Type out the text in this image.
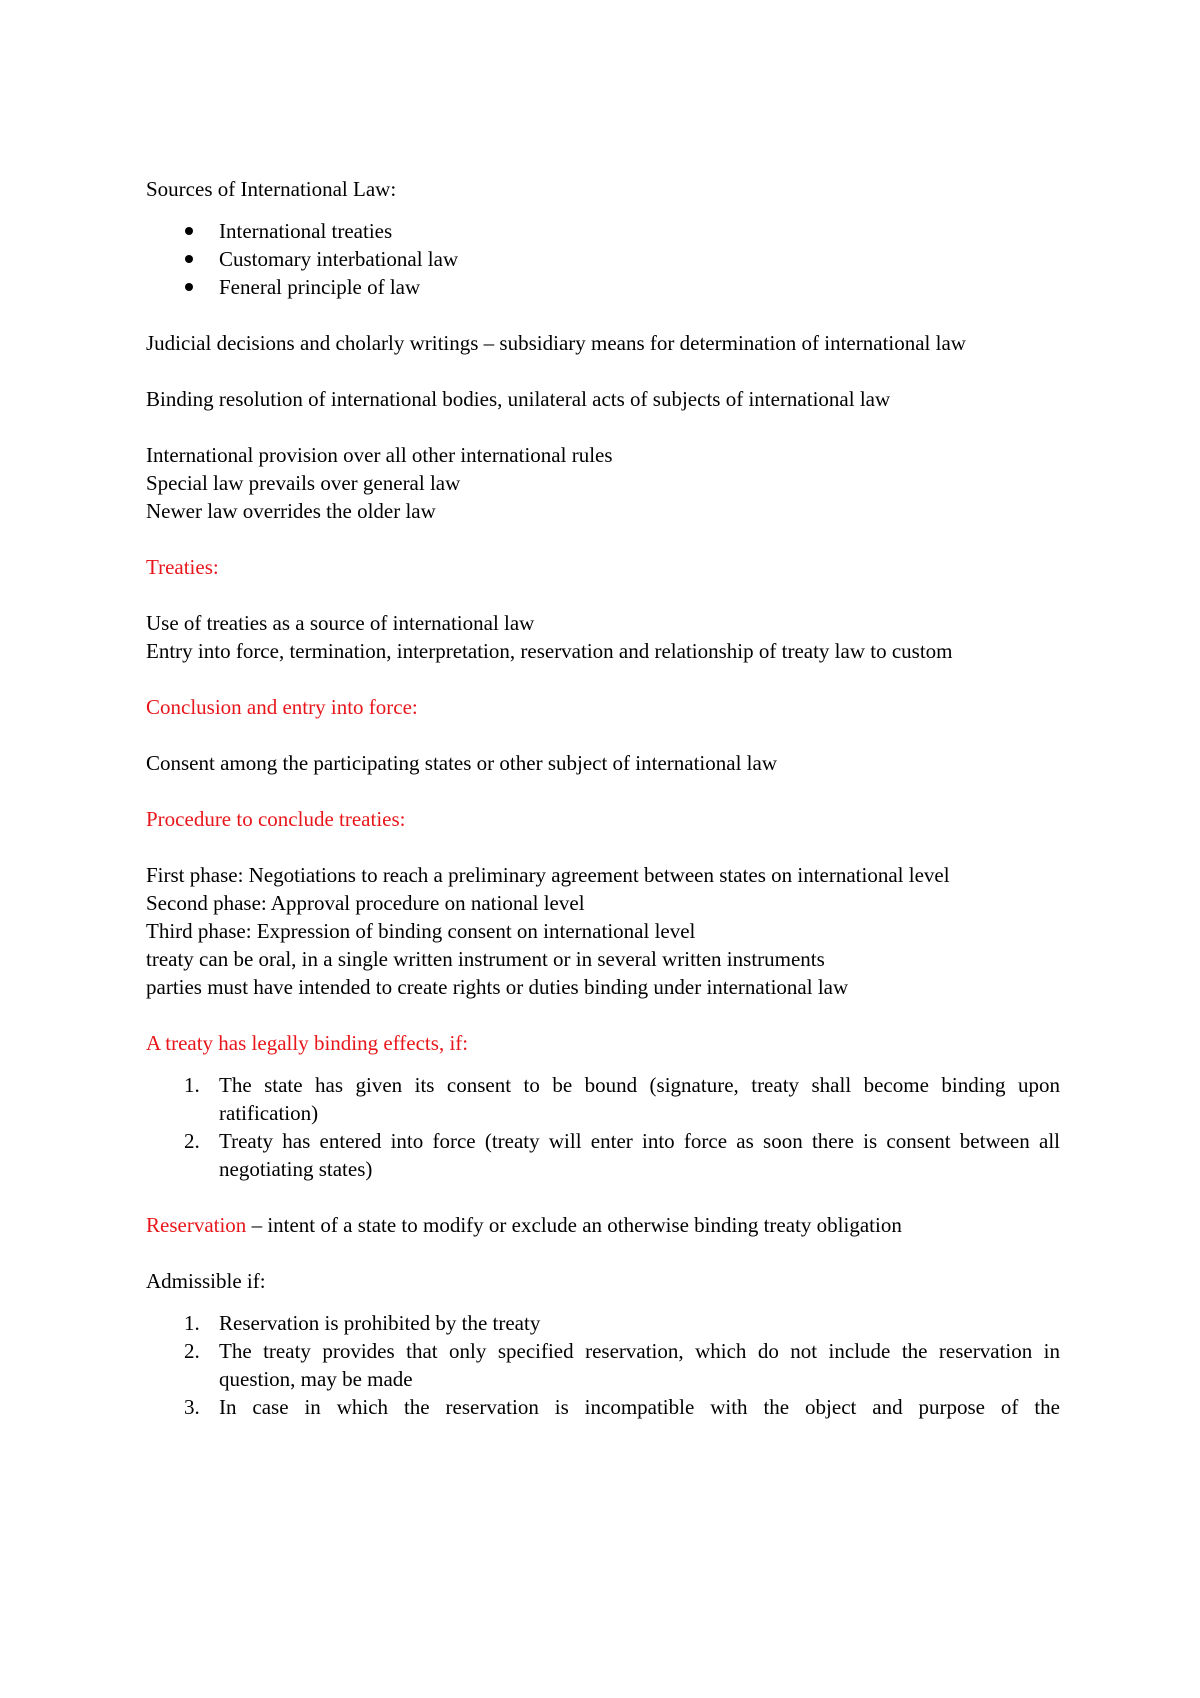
Sources of International Law:

International treaties
Customary interbational law
Feneral principle of law

Judicial decisions and cholarly writings – subsidiary means for determination of international law

Binding resolution of international bodies, unilateral acts of subjects of international law

International provision over all other international rules

Special law prevails over general law

Newer law overrides the older law

Treaties:

Use of treaties as a source of international law

Entry into force, termination, interpretation, reservation and relationship of treaty law to custom

Conclusion and entry into force:

Consent among the participating states or other subject of international law

Procedure to conclude treaties:

First phase: Negotiations to reach a preliminary agreement between states on international level

Second phase: Approval procedure on national level

Third phase: Expression of binding consent on international level

treaty can be oral, in a single written instrument or in several written instruments

parties must have intended to create rights or duties binding under international law

A treaty has legally binding effects, if:

1. The state has given its consent to be bound (signature, treaty shall become binding upon ratification)
2. Treaty has entered into force (treaty will enter into force as soon there is consent between all negotiating states)

Reservation – intent of a state to modify or exclude an otherwise binding treaty obligation

Admissible if:

1. Reservation is prohibited by the treaty
2. The treaty provides that only specified reservation, which do not include the reservation in question, may be made
3. In case in which the reservation is incompatible with the object and purpose of the
